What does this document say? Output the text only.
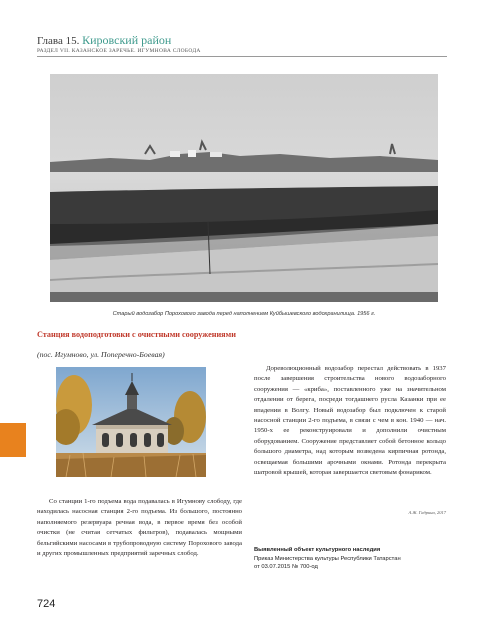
Глава 15. Кировский район
РАЗДЕЛ VII. КАЗАНСКОЕ ЗАРЕЧЬЕ. ИГУМНОВА СЛОБОДА
Старый водозабор Порохового завода перед наполнением Куйбышевского водохранилища. 1956 г.
Станция водоподготовки с очистными сооружениями
(пос. Игумново, ул. Поперечно-Боевая)

Со станции 1-го подъема вода подавалась в Игумнову слободу, где находилась насосная станция 2-го подъема. Из большого, постоянно наполняемого резервуара речная вода, в первое время без особой очистки (не считая сетчатых фильтров), подавалась мощными бельгийскими насосами в трубопроводную систему Порохового завода и других промышленных предприятий заречных слобод.

Дореволюционный водозабор перестал действовать в 1937 после завершения строительства нового водозаборного сооружения — «криба», поставленного уже на значительном отдалении от берега, посреди тогдашнего русла Казанки при ее впадении в Волгу. Новый водозабор был подключен к старой насосной станции 2-го подъема, в связи с чем в кон. 1940 — нач. 1950-х ее реконструировали и дополнили очистным оборудованием. Сооружение представляет собой бетонное кольцо большого диаметра, над которым возведена кирпичная ротонда, освещаемая большими арочными окнами. Ротонда перекрыта шатровой крышей, которая завершается световым фонариком.

А.Ж. Гадрина, 2017
Выявленный объект культурного наследия
Приказ Министерства культуры Республики Татарстан
от 03.07.2015 № 700-од
724
